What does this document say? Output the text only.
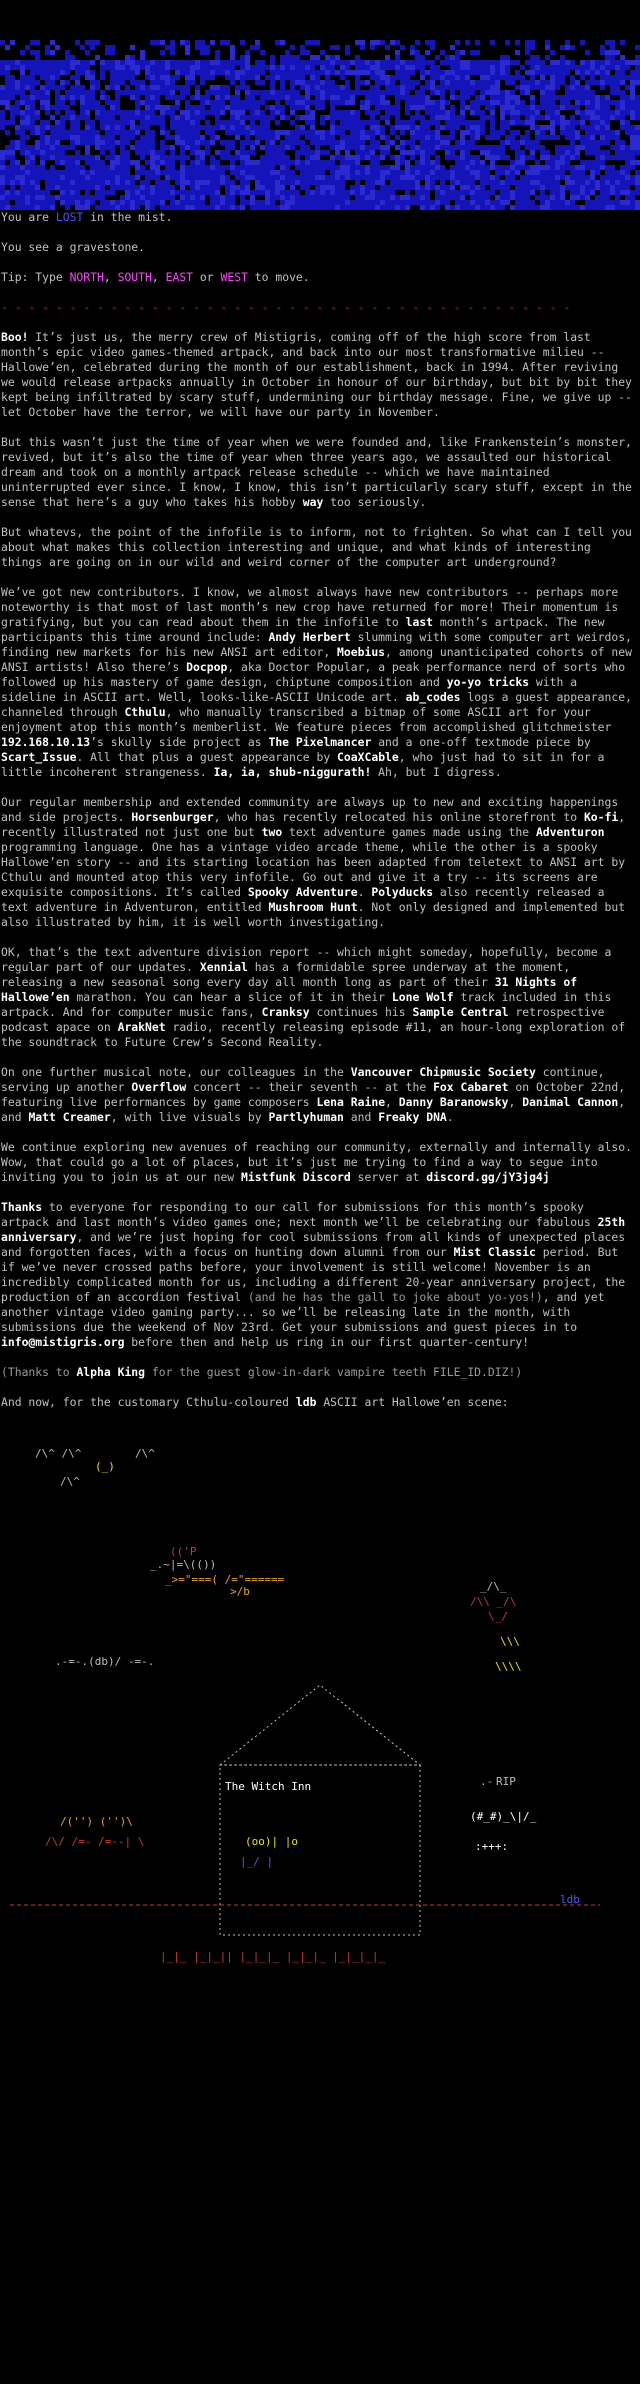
You are LOST in the mist.
You see a gravestone.
Tip: Type NORTH, SOUTH, EAST or WEST to move.
- - - - - - - - - - - - - - - - - - - - - - - - - - - - - - - - - - - - - - - - - -

Boo! It’s just us, the merry crew of Mistigris, coming off of the high score from last month’s epic video games-themed artpack, and back into our most transformative milieu -- Hallowe’en, celebrated during the month of our establishment, back in 1994. After reviving we would release artpacks annually in October in honour of our birthday, but bit by bit they kept being infiltrated by scary stuff, undermining our birthday message. Fine, we give up -- let October have the terror, we will have our party in November.

But this wasn’t just the time of year when we were founded and, like Frankenstein’s monster, revived, but it’s also the time of year when three years ago, we assaulted our historical dream and took on a monthly artpack release schedule -- which we have maintained uninterrupted ever since. I know, I know, this isn’t particularly scary stuff, except in the sense that here’s a guy who takes his hobby way too seriously.

But whatevs, the point of the infofile is to inform, not to frighten. So what can I tell you about what makes this collection interesting and unique, and what kinds of interesting things are going on in our wild and weird corner of the computer art underground?

We’ve got new contributors. I know, we almost always have new contributors -- perhaps more noteworthy is that most of last month’s new crop have returned for more! Their momentum is gratifying, but you can read about them in the infofile to last month’s artpack. The new participants this time around include: Andy Herbert slumming with some computer art weirdos, finding new markets for his new ANSI art editor, Moebius, among unanticipated cohorts of new ANSI artists! Also there’s Docpop, aka Doctor Popular, a peak performance nerd of sorts who followed up his mastery of game design, chiptune composition and yo-yo tricks with a sideline in ASCII art. Well, looks-like-ASCII Unicode art. ab_codes logs a guest appearance, channeled through Cthulu, who manually transcribed a bitmap of some ASCII art for your enjoyment atop this month’s memberlist. We feature pieces from accomplished glitchmeister 192.168.10.13’s skully side project as The Pixelmancer and a one-off textmode piece by Scart_Issue. All that plus a guest appearance by CoaXCable, who just had to sit in for a little incoherent strangeness. Ia, ia, shub-niggurath! Ah, but I digress.

Our regular membership and extended community are always up to new and exciting happenings and side projects. Horsenburger, who has recently relocated his online storefront to Ko-fi, recently illustrated not just one but two text adventure games made using the Adventuron programming language. One has a vintage video arcade theme, while the other is a spooky Hallowe’en story -- and its starting location has been adapted from teletext to ANSI art by Cthulu and mounted atop this very infofile. Go out and give it a try -- its screens are exquisite compositions. It’s called Spooky Adventure. Polyducks also recently released a text adventure in Adventuron, entitled Mushroom Hunt. Not only designed and implemented but also illustrated by him, it is well worth investigating.

OK, that’s the text adventure division report -- which might someday, hopefully, become a regular part of our updates. Xennial has a formidable spree underway at the moment, releasing a new seasonal song every day all month long as part of their 31 Nights of Hallowe’en marathon. You can hear a slice of it in their Lone Wolf track included in this artpack. And for computer music fans, Cranksy continues his Sample Central retrospective podcast apace on ArakNet radio, recently releasing episode #11, an hour-long exploration of the soundtrack to Future Crew’s Second Reality.

On one further musical note, our colleagues in the Vancouver Chipmusic Society continue, serving up another Overflow concert -- their seventh -- at the Fox Cabaret on October 22nd, featuring live performances by game composers Lena Raine, Danny Baranowsky, Danimal Cannon, and Matt Creamer, with live visuals by Partlyhuman and Freaky DNA.

We continue exploring new avenues of reaching our community, externally and internally also. Wow, that could go a lot of places, but it’s just me trying to find a way to segue into inviting you to join us at our new Mistfunk Discord server at discord.gg/jY3jg4j

Thanks to everyone for responding to our call for submissions for this month’s spooky artpack and last month’s video games one; next month we’ll be celebrating our fabulous 25th anniversary, and we’re just hoping for cool submissions from all kinds of unexpected places and forgotten faces, with a focus on hunting down alumni from our Mist Classic period. But if we’ve never crossed paths before, your involvement is still welcome! November is an incredibly complicated month for us, including a different 20-year anniversary project, the production of an accordion festival (and he has the gall to joke about yo-yos!), and yet another vintage video gaming party... so we’ll be releasing late in the month, with submissions due the weekend of Nov 23rd. Get your submissions and guest pieces in to info@mistigris.org before then and help us ring in our first quarter-century!

(Thanks to Alpha King for the guest glow-in-dark vampire teeth FILE_ID.DIZ!)

And now, for the customary Cthulu-coloured ldb ASCII art Hallowe’en scene:

/\^ /\^
(_)
/\^
/\^
(('P
_.~|=\(())
_>="===( /="======
>/b	_/\_
/\\ _/\
\_/
\\\
\\\\
.-=-.(db)/ -=-.
The Witch Inn
(oo)| |o
|_/ |
.- RIP
(#_#)_\|/_
:+++:
/('') ('')\
/\/ /=- /=--| \
ldb
|_|_ |_|_|| |_|_|_ |_|_|_ |_|_|_|_
